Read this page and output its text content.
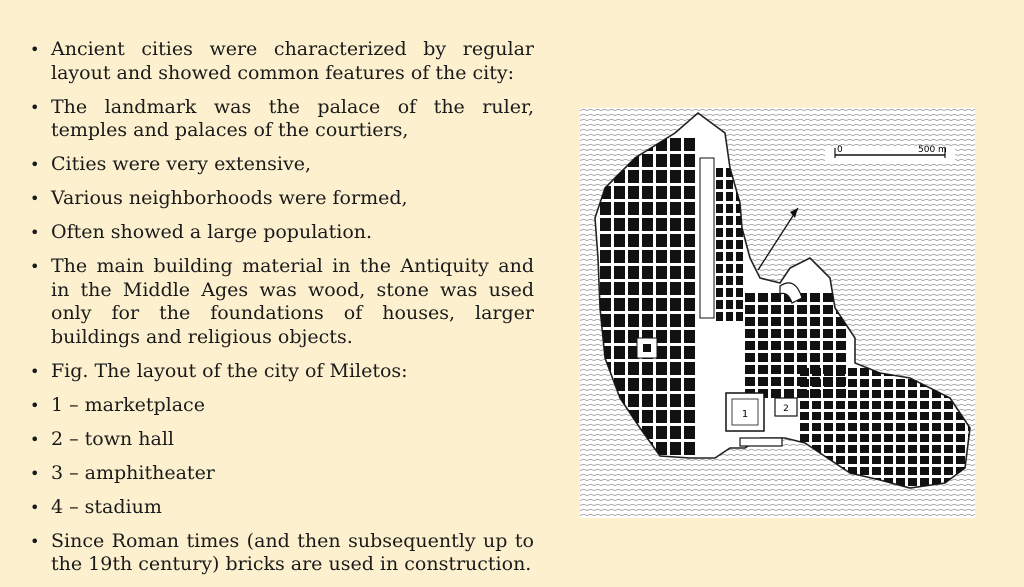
• Ancient cities were characterized by regular layout and showed common features of the city:
• The landmark was the palace of the ruler, temples and palaces of the courtiers,
• Cities were very extensive,
• Various neighborhoods were formed,
• Often showed a large population.
• The main building material in the Antiquity and in the Middle Ages was wood, stone was used only for the foundations of houses, larger buildings and religious objects.
• Fig. The layout of the city of Miletos:
• 1 – marketplace
• 2 – town hall
• 3 – amphitheater
• 4 – stadium
• Since Roman times (and then subsequently up to the 19th century) bricks are used in construction.
1	2
0	500 m
